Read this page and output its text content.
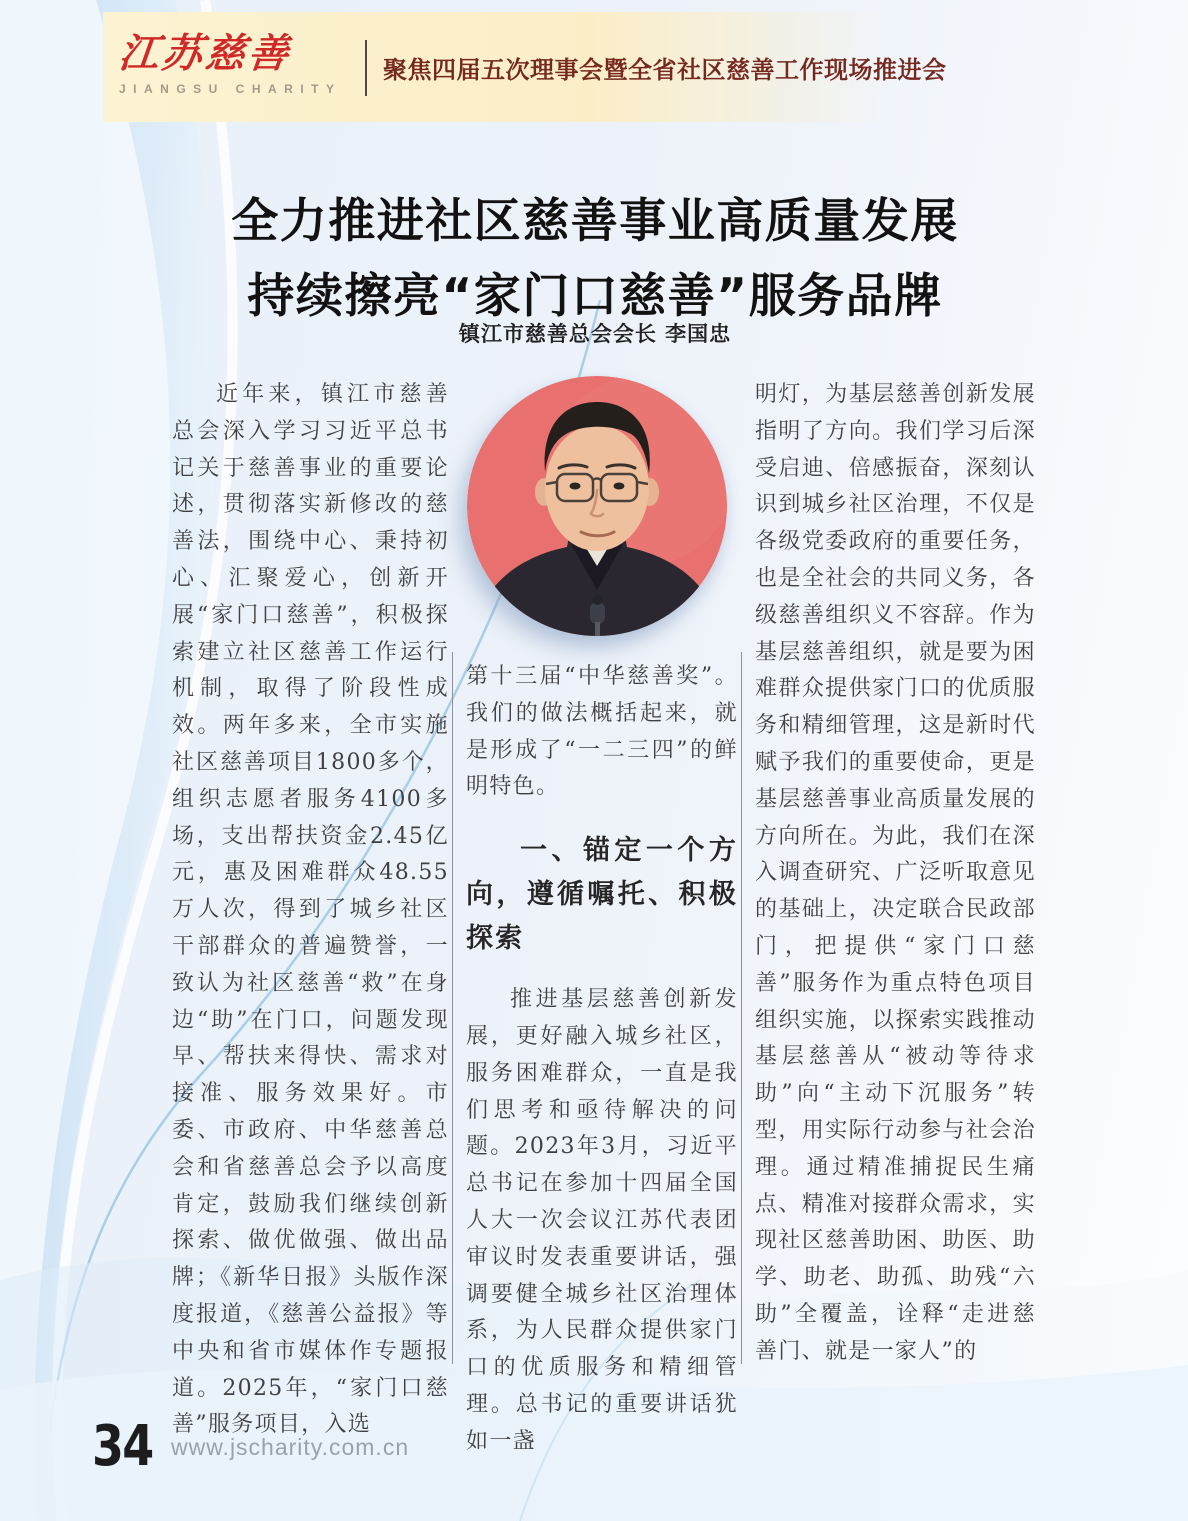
江苏慈善
JIANGSU CHARITY
聚焦四届五次理事会暨全省社区慈善工作现场推进会
全力推进社区慈善事业高质量发展
持续擦亮“家门口慈善”服务品牌
镇江市慈善总会会长 李国忠
近年来，镇江市慈善总会深入学习习近平总书记关于慈善事业的重要论述，贯彻落实新修改的慈善法，围绕中心、秉持初心、汇聚爱心，创新开展“家门口慈善”，积极探索建立社区慈善工作运行机制，取得了阶段性成效。两年多来，全市实施社区慈善项目1800多个，组织志愿者服务4100多场，支出帮扶资金2.45亿元，惠及困难群众48.55万人次，得到了城乡社区干部群众的普遍赞誉，一致认为社区慈善“救”在身边“助”在门口，问题发现早、帮扶来得快、需求对接准、服务效果好。市委、市政府、中华慈善总会和省慈善总会予以高度肯定，鼓励我们继续创新探索、做优做强、做出品牌；《新华日报》头版作深度报道，《慈善公益报》等中央和省市媒体作专题报道。2025年，“家门口慈善”服务项目，入选
第十三届“中华慈善奖”。我们的做法概括起来，就是形成了“一二三四”的鲜明特色。
一、锚定一个方向，遵循嘱托、积极探索
推进基层慈善创新发展，更好融入城乡社区，服务困难群众，一直是我们思考和亟待解决的问题。2023年3月，习近平总书记在参加十四届全国人大一次会议江苏代表团审议时发表重要讲话，强调要健全城乡社区治理体系，为人民群众提供家门口的优质服务和精细管理。总书记的重要讲话犹如一盏
明灯，为基层慈善创新发展指明了方向。我们学习后深受启迪、倍感振奋，深刻认识到城乡社区治理，不仅是各级党委政府的重要任务，也是全社会的共同义务，各级慈善组织义不容辞。作为基层慈善组织，就是要为困难群众提供家门口的优质服务和精细管理，这是新时代赋予我们的重要使命，更是基层慈善事业高质量发展的方向所在。为此，我们在深入调查研究、广泛听取意见的基础上，决定联合民政部门，把提供“家门口慈善”服务作为重点特色项目组织实施，以探索实践推动基层慈善从“被动等待求助”向“主动下沉服务”转型，用实际行动参与社会治理。通过精准捕捉民生痛点、精准对接群众需求，实现社区慈善助困、助医、助学、助老、助孤、助残“六助”全覆盖，诠释“走进慈善门、就是一家人”的
34 www.jscharity.com.cn
